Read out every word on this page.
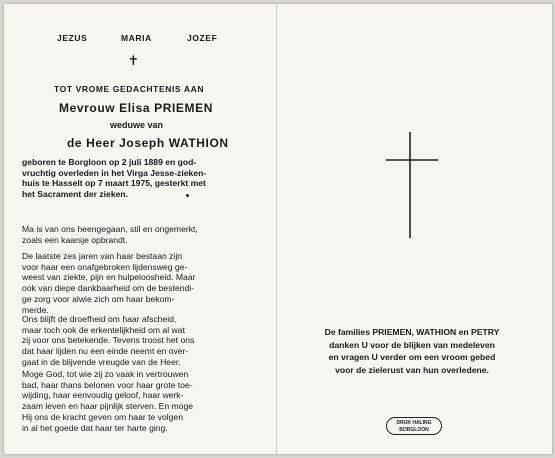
JEZUS	MARIA	JOZEF
✝
TOT VROME GEDACHTENIS AAN
Mevrouw Elisa PRIEMEN
weduwe van
de Heer Joseph WATHION
geboren te Borgloon op 2 juli 1889 en god-
vruchtig overleden in het Virga Jesse-zieken-
huis te Hasselt op 7 maart 1975, gesterkt met
het Sacrament der zieken.
Ma is van ons heengegaan, stil en ongemerkt,
zoals een kaarsje opbrandt.
De laatste zes jaren van haar bestaan zijn
voor haar een onafgebroken lijdensweg ge-
weest van ziekte, pijn en hulpeloosheid. Maar
ook van diepe dankbaarheid om de bestendi-
ge zorg voor alwie zich om haar bekom-
merde.
Ons blijft de droefheid om haar afscheid,
maar toch ook de erkentelijkheid om al wat
zij voor ons betekende. Tevens troost het ons
dat haar lijden nu een einde neemt en over-
gaat in de blijvende vreugde van de Heer.
Moge God, tot wie zij zo vaak in vertrouwen
bad, haar thans belonen voor haar grote toe-
wijding, haar eenvoudig geloof, haar werk-
zaam leven en haar pijnlijk sterven. En moge
Hij ons de kracht geven om haar te volgen
in al het goede dat haar ter harte ging.
De families PRIEMEN, WATHION en PETRY
danken U voor de blijken van medeleven
en vragen U verder om een vroom gebed
voor de zielerust van hun overledene.
DRUK HALING
BORGLOON
